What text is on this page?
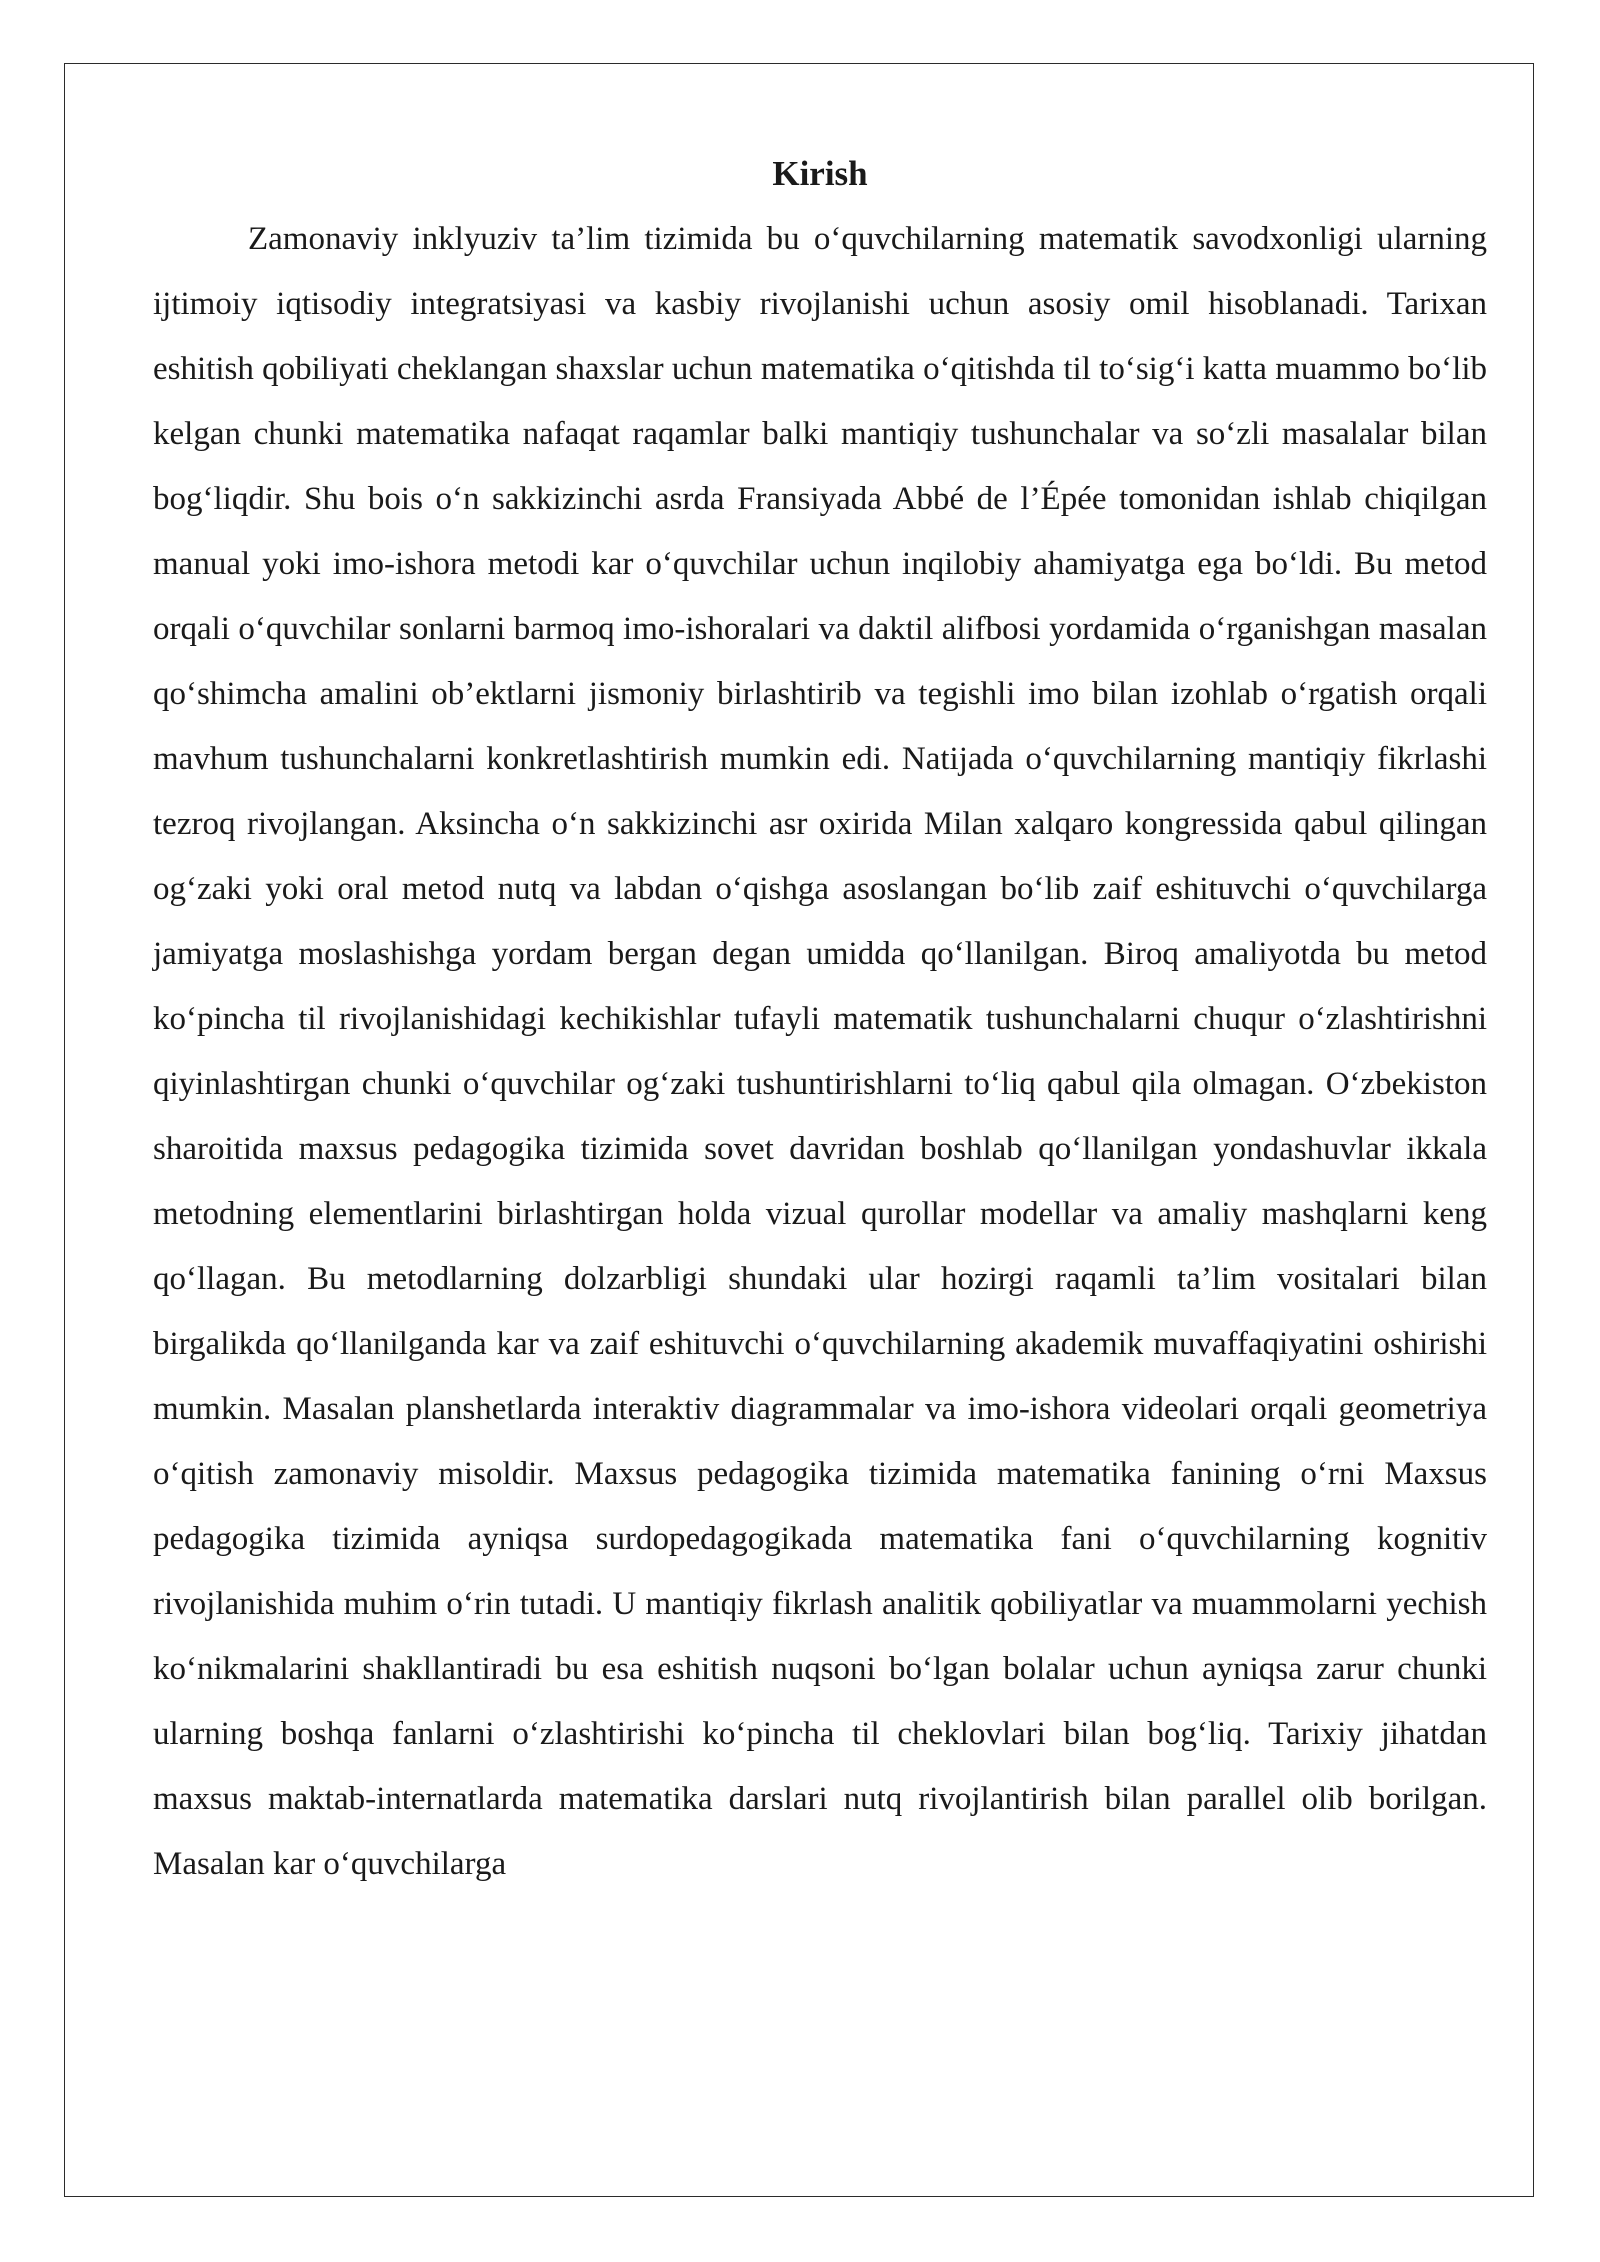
Kirish

Zamonaviy inklyuziv ta’lim tizimida bu o‘quvchilarning matematik savodxonligi ularning ijtimoiy iqtisodiy integratsiyasi va kasbiy rivojlanishi uchun asosiy omil hisoblanadi. Tarixan eshitish qobiliyati cheklangan shaxslar uchun matematika o‘qitishda til to‘sig‘i katta muammo bo‘lib kelgan chunki matematika nafaqat raqamlar balki mantiqiy tushunchalar va so‘zli masalalar bilan bog‘liqdir. Shu bois o‘n sakkizinchi asrda Fransiyada Abbé de l’Épée tomonidan ishlab chiqilgan manual yoki imo-ishora metodi kar o‘quvchilar uchun inqilobiy ahamiyatga ega bo‘ldi. Bu metod orqali o‘quvchilar sonlarni barmoq imo-ishoralari va daktil alifbosi yordamida o‘rganishgan masalan qo‘shimcha amalini ob’ektlarni jismoniy birlashtirib va tegishli imo bilan izohlab o‘rgatish orqali mavhum tushunchalarni konkretlashtirish mumkin edi. Natijada o‘quvchilarning mantiqiy fikrlashi tezroq rivojlangan. Aksincha o‘n sakkizinchi asr oxirida Milan xalqaro kongressida qabul qilingan og‘zaki yoki oral metod nutq va labdan o‘qishga asoslangan bo‘lib zaif eshituvchi o‘quvchilarga jamiyatga moslashishga yordam bergan degan umidda qo‘llanilgan. Biroq amaliyotda bu metod ko‘pincha til rivojlanishidagi kechikishlar tufayli matematik tushunchalarni chuqur o‘zlashtirishni qiyinlashtirgan chunki o‘quvchilar og‘zaki tushuntirishlarni to‘liq qabul qila olmagan. O‘zbekiston sharoitida maxsus pedagogika tizimida sovet davridan boshlab qo‘llanilgan yondashuvlar ikkala metodning elementlarini birlashtirgan holda vizual qurollar modellar va amaliy mashqlarni keng qo‘llagan. Bu metodlarning dolzarbligi shundaki ular hozirgi raqamli ta’lim vositalari bilan birgalikda qo‘llanilganda kar va zaif eshituvchi o‘quvchilarning akademik muvaffaqiyatini oshirishi mumkin. Masalan planshetlarda interaktiv diagrammalar va imo-ishora videolari orqali geometriya o‘qitish zamonaviy misoldir. Maxsus pedagogika tizimida matematika fanining o‘rni Maxsus pedagogika tizimida ayniqsa surdopedagogikada matematika fani o‘quvchilarning kognitiv rivojlanishida muhim o‘rin tutadi. U mantiqiy fikrlash analitik qobiliyatlar va muammolarni yechish ko‘nikmalarini shakllantiradi bu esa eshitish nuqsoni bo‘lgan bolalar uchun ayniqsa zarur chunki ularning boshqa fanlarni o‘zlashtirishi ko‘pincha til cheklovlari bilan bog‘liq. Tarixiy jihatdan maxsus maktab-internatlarda matematika darslari nutq rivojlantirish bilan parallel olib borilgan. Masalan kar o‘quvchilarga
